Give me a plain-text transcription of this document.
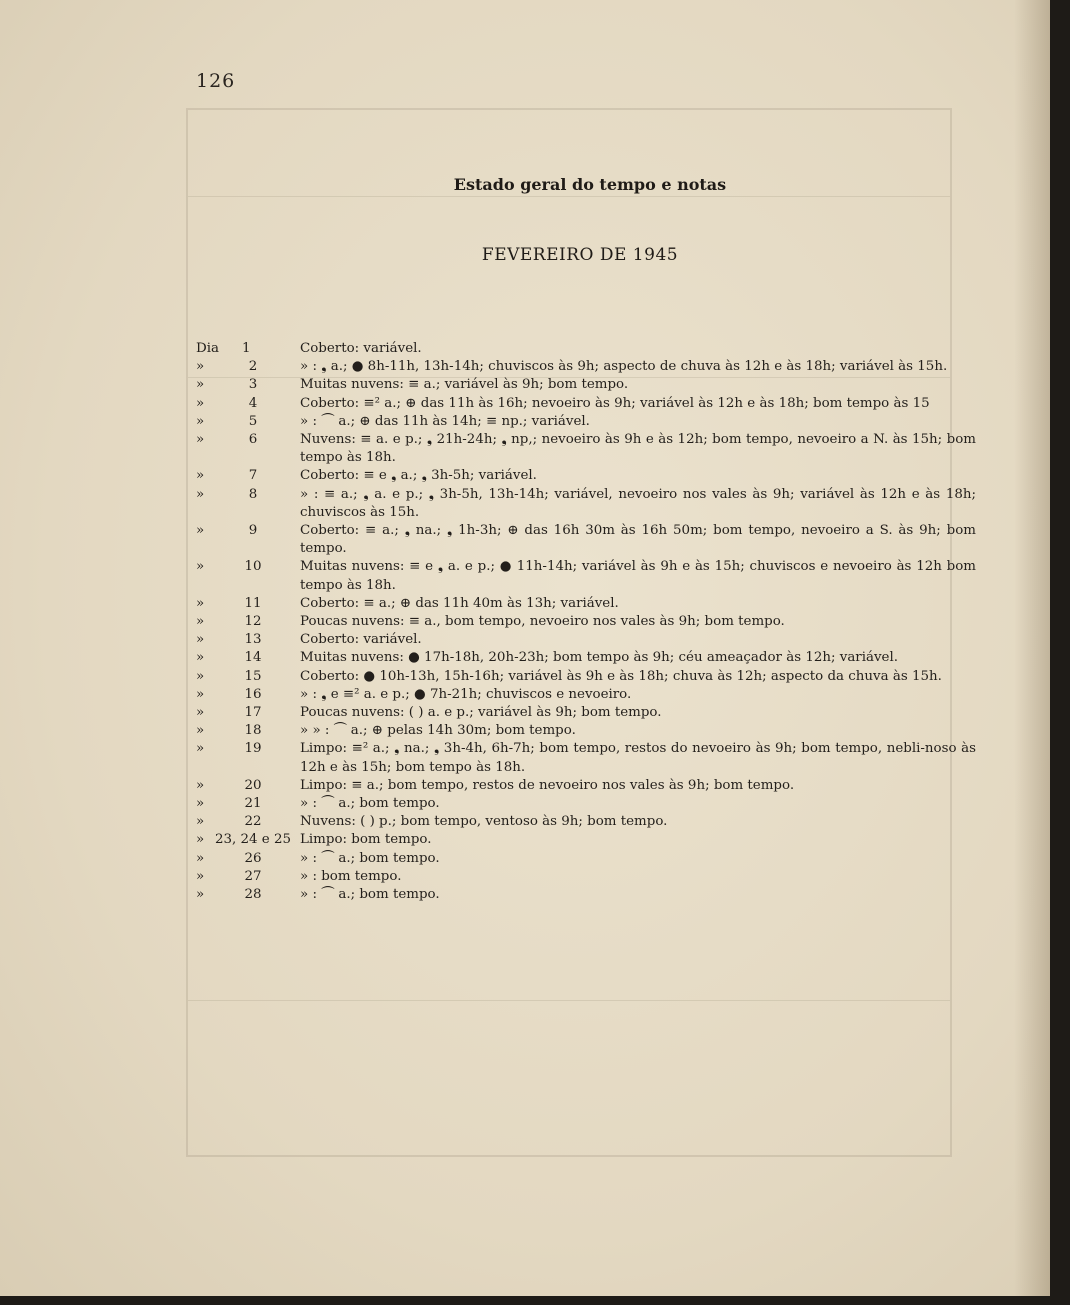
126
Estado geral do tempo e notas
FEVEREIRO DE 1945
Dia 1	Coberto: variável.
»	2	» : ❟ a.; ● 8h-11h, 13h-14h; chuviscos às 9h; aspecto de chuva às 12h e às 18h; variável às 15h.
»	3	Muitas nuvens: ≡ a.; variável às 9h; bom tempo.
»	4	Coberto: ≡² a.; ⊕ das 11h às 16h; nevoeiro às 9h; variável às 12h e às 18h; bom tempo às 15
»	5	» : ⏜ a.; ⊕ das 11h às 14h; ≡ np.; variável.
»	6	Nuvens: ≡ a. e p.; ❟ 21h-24h; ❟ np,; nevoeiro às 9h e às 12h; bom tempo, nevoeiro a N. às 15h; bom tempo às 18h.
»	7	Coberto: ≡ e ❟ a.; ❟ 3h-5h; variável.
»	8	» : ≡ a.; ❟ a. e p.; ❟ 3h-5h, 13h-14h; variável, nevoeiro nos vales às 9h; variável às 12h e às 18h; chuviscos às 15h.
»	9	Coberto: ≡ a.; ❟ na.; ❟ 1h-3h; ⊕ das 16h 30m às 16h 50m; bom tempo, nevoeiro a S. às 9h; bom tempo.
»	10	Muitas nuvens: ≡ e ❟ a. e p.; ● 11h-14h; variável às 9h e às 15h; chuviscos e nevoeiro às 12h bom tempo às 18h.
»	11	Coberto: ≡ a.; ⊕ das 11h 40m às 13h; variável.
»	12	Poucas nuvens: ≡ a., bom tempo, nevoeiro nos vales às 9h; bom tempo.
»	13	Coberto: variável.
»	14	Muitas nuvens: ● 17h-18h, 20h-23h; bom tempo às 9h; céu ameaçador às 12h; variável.
»	15	Coberto: ● 10h-13h, 15h-16h; variável às 9h e às 18h; chuva às 12h; aspecto da chuva às 15h.
»	16	» : ❟ e ≡² a. e p.; ● 7h-21h; chuviscos e nevoeiro.
»	17	Poucas nuvens: ( ) a. e p.; variável às 9h; bom tempo.
»	18	» » : ⏜ a.; ⊕ pelas 14h 30m; bom tempo.
»	19	Limpo: ≡² a.; ❟ na.; ❟ 3h-4h, 6h-7h; bom tempo, restos do nevoeiro às 9h; bom tempo, nebli-noso às 12h e às 15h; bom tempo às 18h.
»	20	Limpo: ≡ a.; bom tempo, restos de nevoeiro nos vales às 9h; bom tempo.
»	21	» : ⏜ a.; bom tempo.
»	22	Nuvens: ( ) p.; bom tempo, ventoso às 9h; bom tempo.
» 23, 24 e 25 Limpo: bom tempo.
»	26	» : ⏜ a.; bom tempo.
»	27	» : bom tempo.
»	28	» : ⏜ a.; bom tempo.
